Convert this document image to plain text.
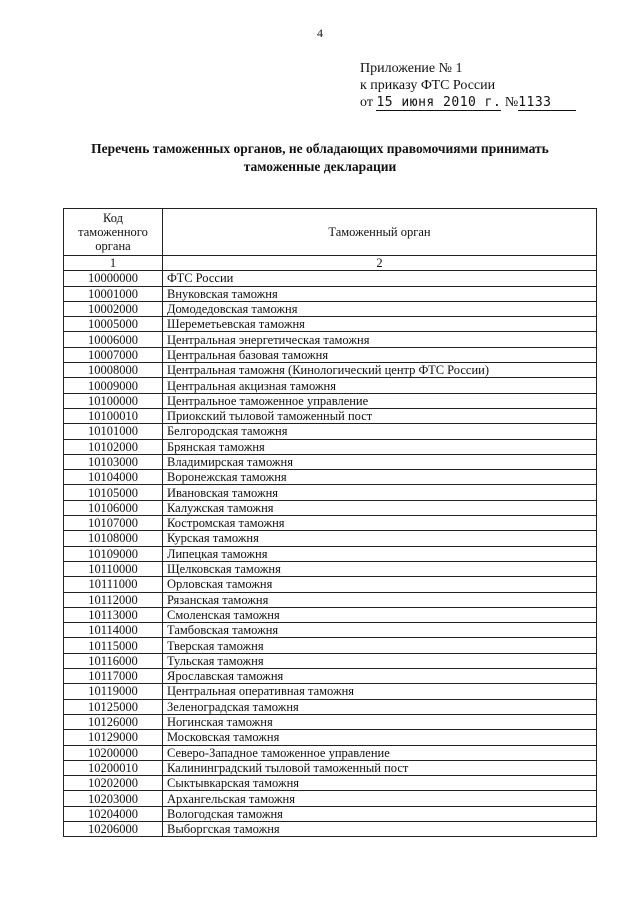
4
Приложение № 1
к приказу ФТС России
от 15 июня 2010 г. №1133
Перечень таможенных органов, не обладающих правомочиями принимать
таможенные декларации
Код таможенного органа	Таможенный орган
1	2
10000000	ФТС России
10001000	Внуковская таможня
10002000	Домодедовская таможня
10005000	Шереметьевская таможня
10006000	Центральная энергетическая таможня
10007000	Центральная базовая таможня
10008000	Центральная таможня (Кинологический центр ФТС России)
10009000	Центральная акцизная таможня
10100000	Центральное таможенное управление
10100010	Приокский тыловой таможенный пост
10101000	Белгородская таможня
10102000	Брянская таможня
10103000	Владимирская таможня
10104000	Воронежская таможня
10105000	Ивановская таможня
10106000	Калужская таможня
10107000	Костромская таможня
10108000	Курская таможня
10109000	Липецкая таможня
10110000	Щелковская таможня
10111000	Орловская таможня
10112000	Рязанская таможня
10113000	Смоленская таможня
10114000	Тамбовская таможня
10115000	Тверская таможня
10116000	Тульская таможня
10117000	Ярославская таможня
10119000	Центральная оперативная таможня
10125000	Зеленоградская таможня
10126000	Ногинская таможня
10129000	Московская таможня
10200000	Северо-Западное таможенное управление
10200010	Калининградский тыловой таможенный пост
10202000	Сыктывкарская таможня
10203000	Архангельская таможня
10204000	Вологодская таможня
10206000	Выборгская таможня
